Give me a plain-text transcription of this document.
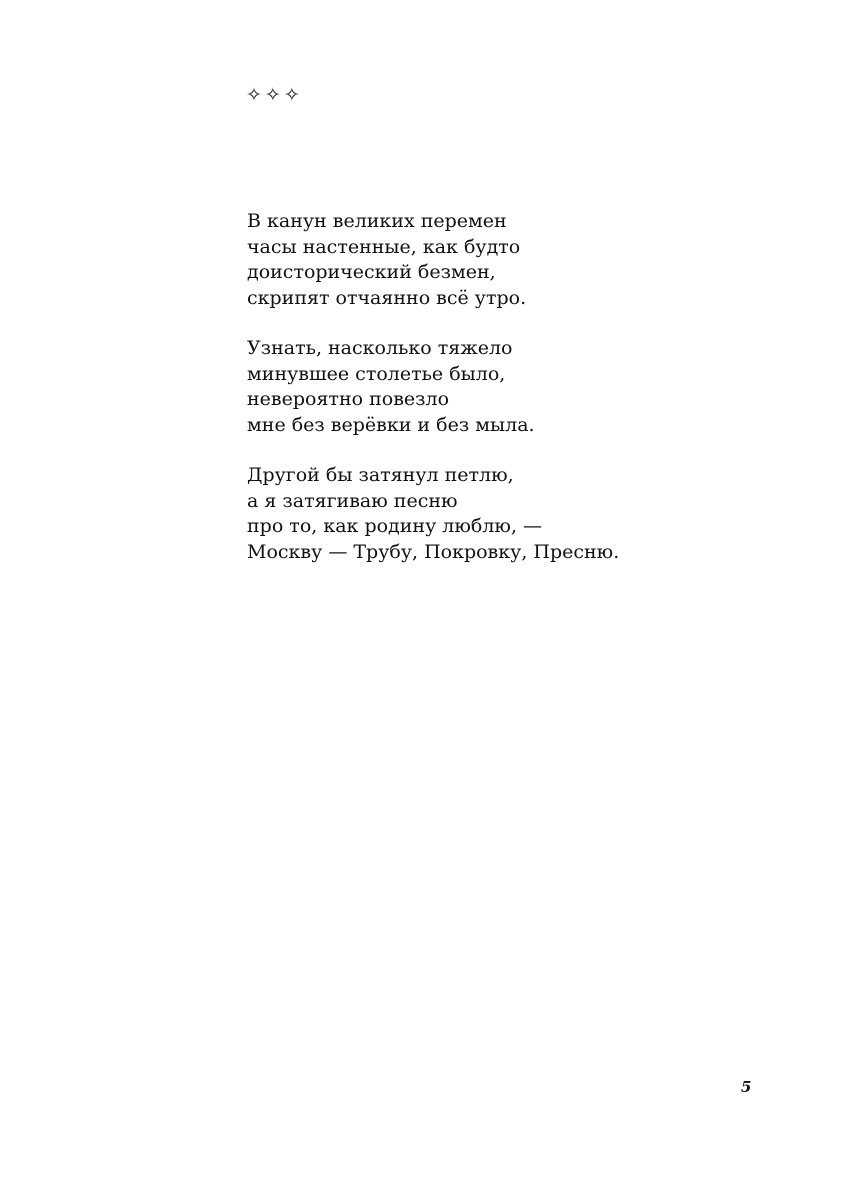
✧✧✧
В канун великих перемен
часы настенные, как будто
доисторический безмен,
скрипят отчаянно всё утро.
Узнать, насколько тяжело
минувшее столетье было,
невероятно повезло
мне без верёвки и без мыла.
Другой бы затянул петлю,
а я затягиваю песню
про то, как родину люблю, —
Москву — Трубу, Покровку, Пресню.
5
